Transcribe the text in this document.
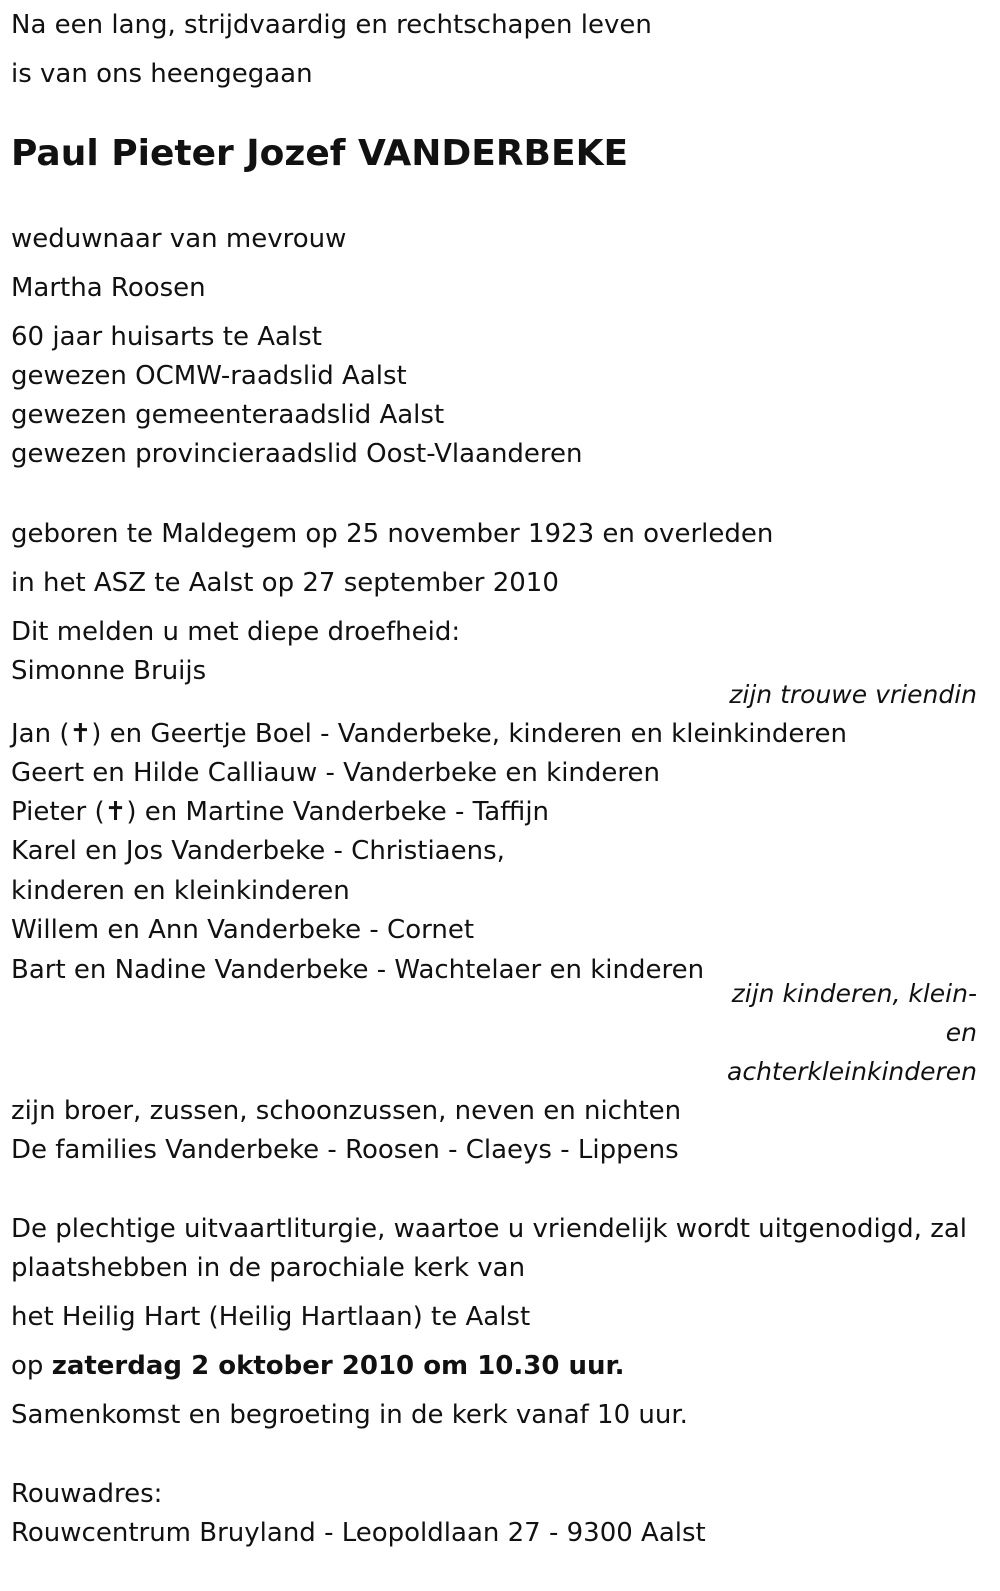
Na een lang, strijdvaardig en rechtschapen leven
is van ons heengegaan
Paul Pieter Jozef VANDERBEKE
weduwnaar van mevrouw
Martha Roosen
60 jaar huisarts te Aalst
gewezen OCMW-raadslid Aalst
gewezen gemeenteraadslid Aalst
gewezen provincieraadslid Oost-Vlaanderen
geboren te Maldegem op 25 november 1923 en overleden
in het ASZ te Aalst op 27 september 2010
Dit melden u met diepe droefheid:
Simonne Bruijs
zijn trouwe vriendin
Jan (✝) en Geertje Boel - Vanderbeke, kinderen en kleinkinderen
Geert en Hilde Calliauw - Vanderbeke en kinderen
Pieter (✝) en Martine Vanderbeke - Taffijn
Karel en Jos Vanderbeke - Christiaens,
kinderen en kleinkinderen
Willem en Ann Vanderbeke - Cornet
Bart en Nadine Vanderbeke - Wachtelaer en kinderen
zijn kinderen, klein-
en
achterkleinkinderen
zijn broer, zussen, schoonzussen, neven en nichten
De families Vanderbeke - Roosen - Claeys - Lippens
De plechtige uitvaartliturgie, waartoe u vriendelijk wordt uitgenodigd, zal
plaatshebben in de parochiale kerk van
het Heilig Hart (Heilig Hartlaan) te Aalst
op zaterdag 2 oktober 2010 om 10.30 uur.
Samenkomst en begroeting in de kerk vanaf 10 uur.
Rouwadres:
Rouwcentrum Bruyland - Leopoldlaan 27 - 9300 Aalst
